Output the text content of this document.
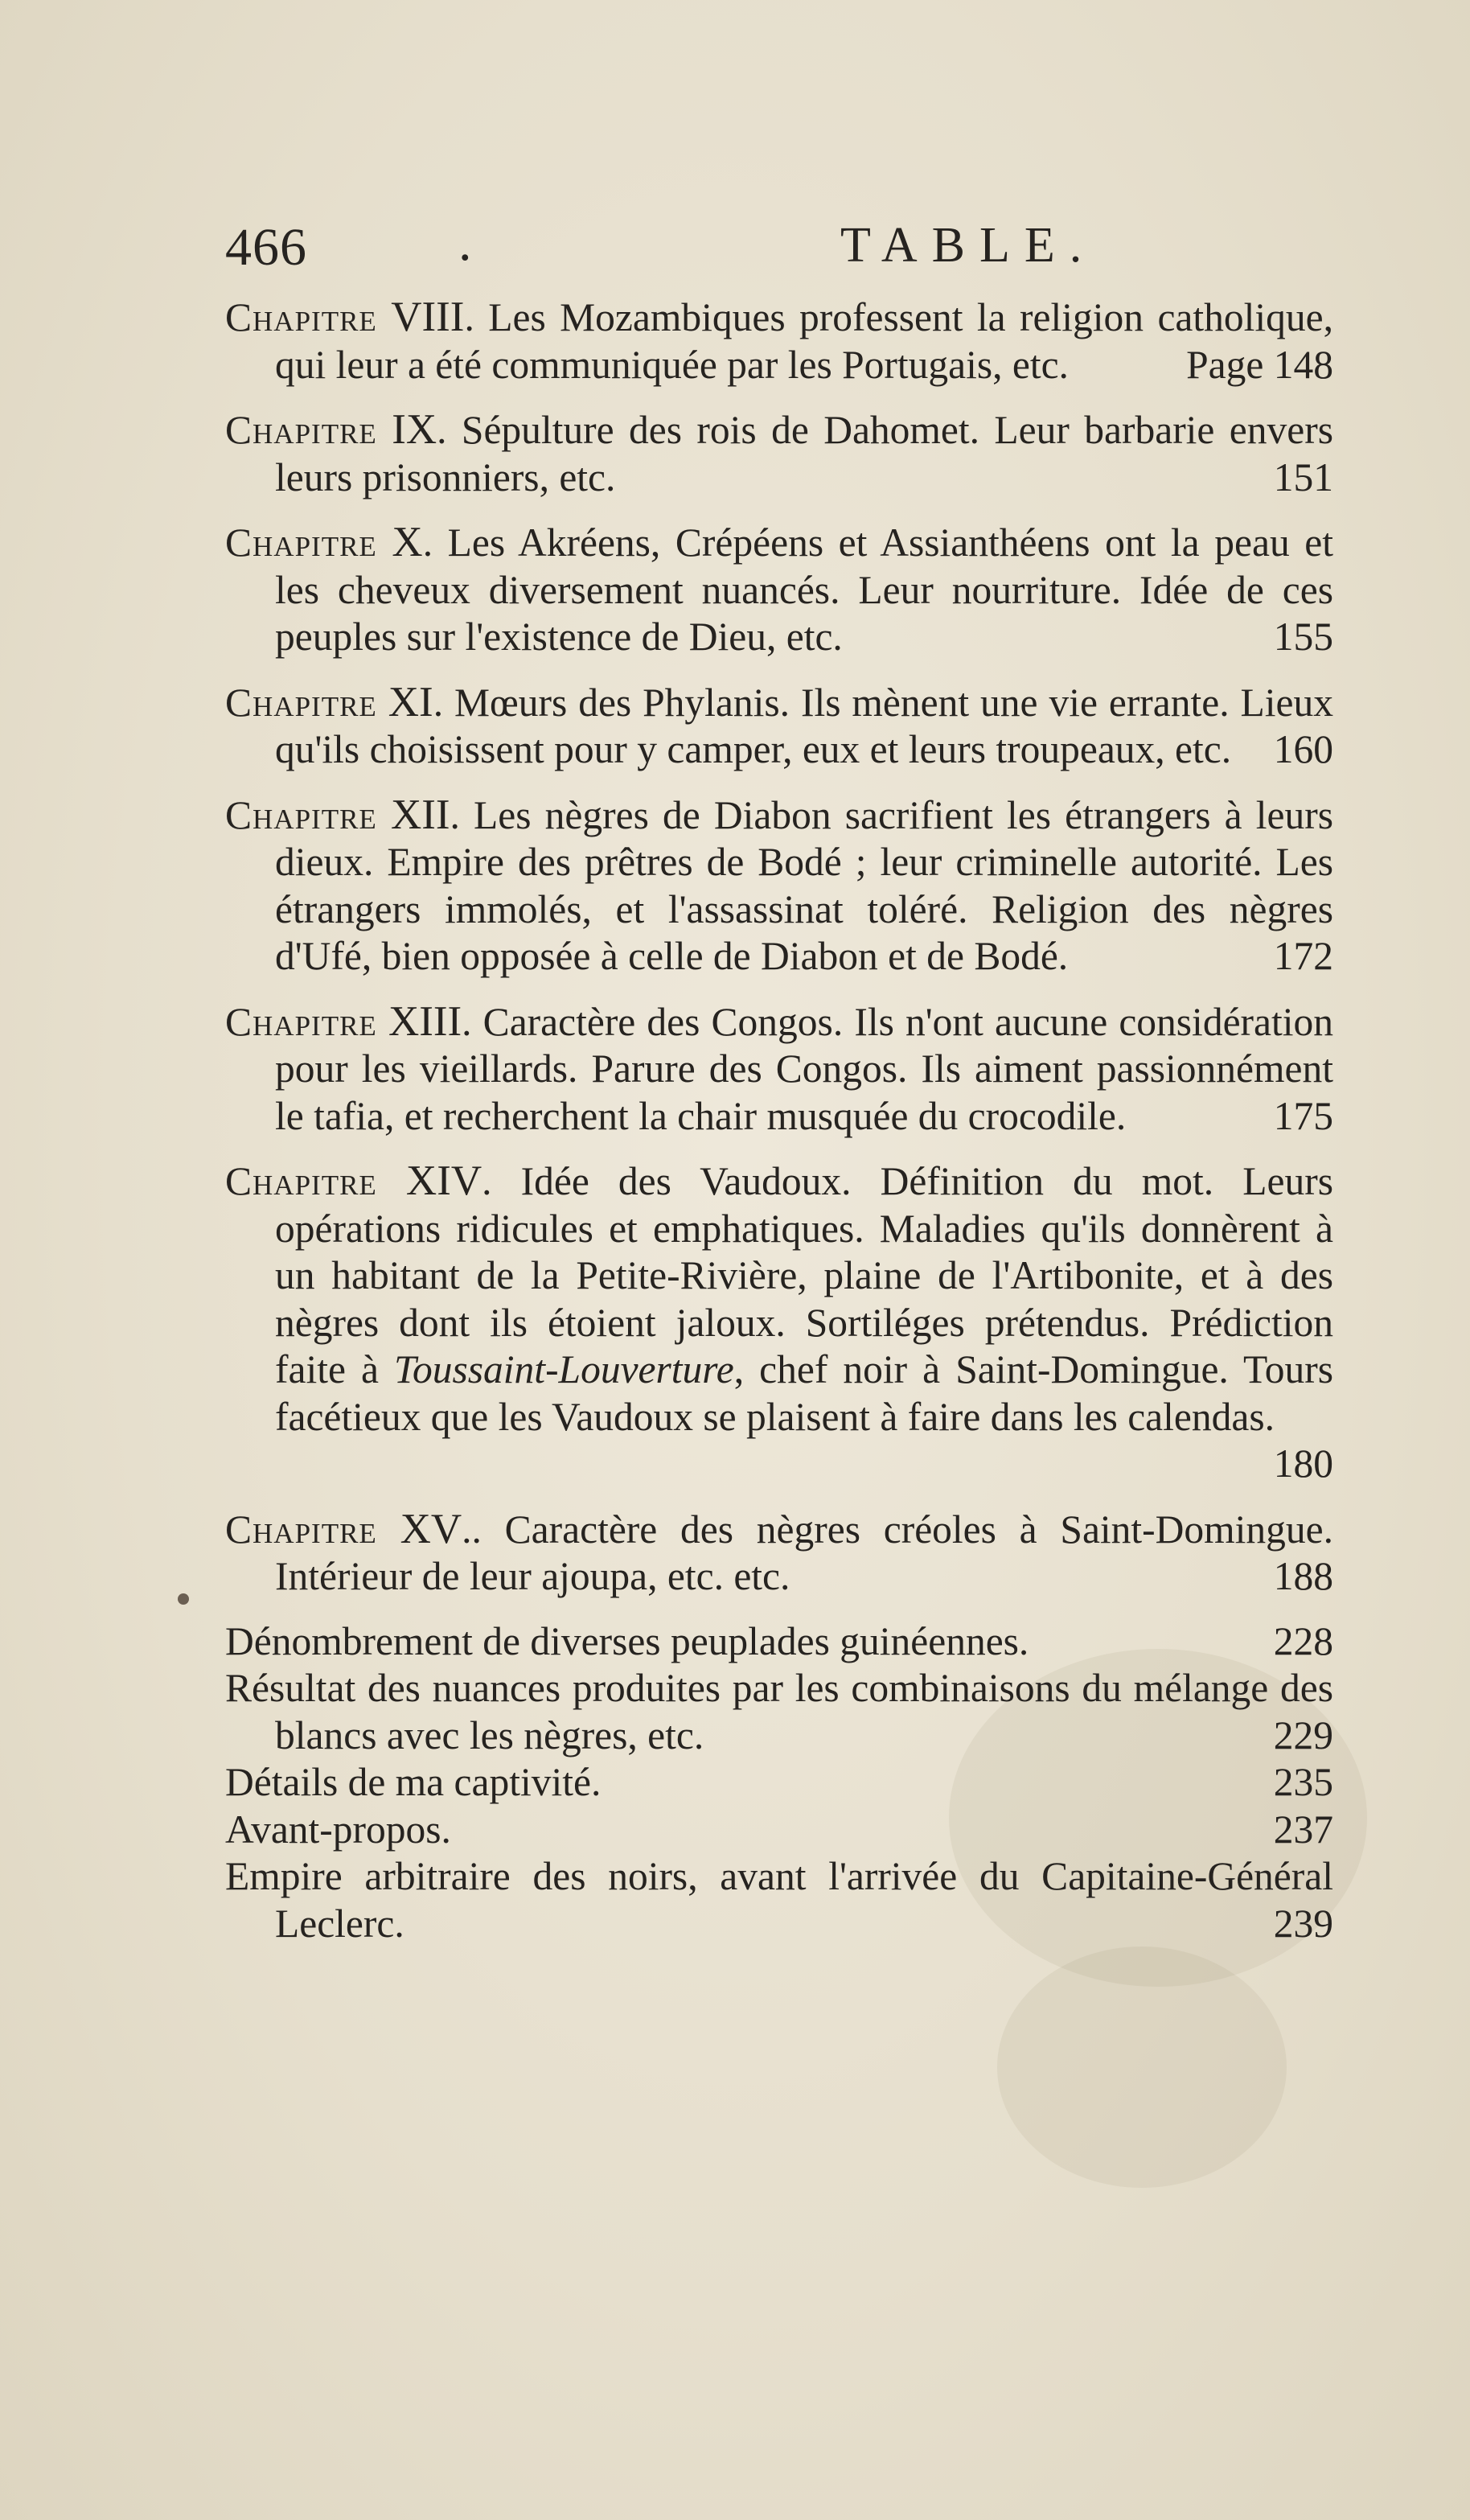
466	.	TABLE.
Chapitre VIII. Les Mozambiques professent la religion catholique, qui leur a été communiquée par les Portugais, etc.	Page 148
Chapitre IX. Sépulture des rois de Dahomet. Leur barbarie envers leurs prisonniers, etc.	151
Chapitre X. Les Akréens, Crépéens et Assianthéens ont la peau et les cheveux diversement nuancés. Leur nourriture. Idée de ces peuples sur l'existence de Dieu, etc.	155
Chapitre XI. Mœurs des Phylanis. Ils mènent une vie errante. Lieux qu'ils choisissent pour y camper, eux et leurs troupeaux, etc.	160
Chapitre XII. Les nègres de Diabon sacrifient les étrangers à leurs dieux. Empire des prêtres de Bodé ; leur criminelle autorité. Les étrangers immolés, et l'assassinat toléré. Religion des nègres d'Ufé, bien opposée à celle de Diabon et de Bodé.	172
Chapitre XIII. Caractère des Congos. Ils n'ont aucune considération pour les vieillards. Parure des Congos. Ils aiment passionnément le tafia, et recherchent la chair musquée du crocodile.	175
Chapitre XIV. Idée des Vaudoux. Définition du mot. Leurs opérations ridicules et emphatiques. Maladies qu'ils donnèrent à un habitant de la Petite-Rivière, plaine de l'Artibonite, et à des nègres dont ils étoient jaloux. Sortiléges prétendus. Prédiction faite à Toussaint-Louverture, chef noir à Saint-Domingue. Tours facétieux que les Vaudoux se plaisent à faire dans les calendas.
180
Chapitre XV.. Caractère des nègres créoles à Saint-Domingue. Intérieur de leur ajoupa, etc. etc.	188
Dénombrement de diverses peuplades guinéennes.	228
Résultat des nuances produites par les combinaisons du mélange des blancs avec les nègres, etc.	229
Détails de ma captivité.	235
Avant-propos.	237
Empire arbitraire des noirs, avant l'arrivée du Capitaine-Général Leclerc.	239
